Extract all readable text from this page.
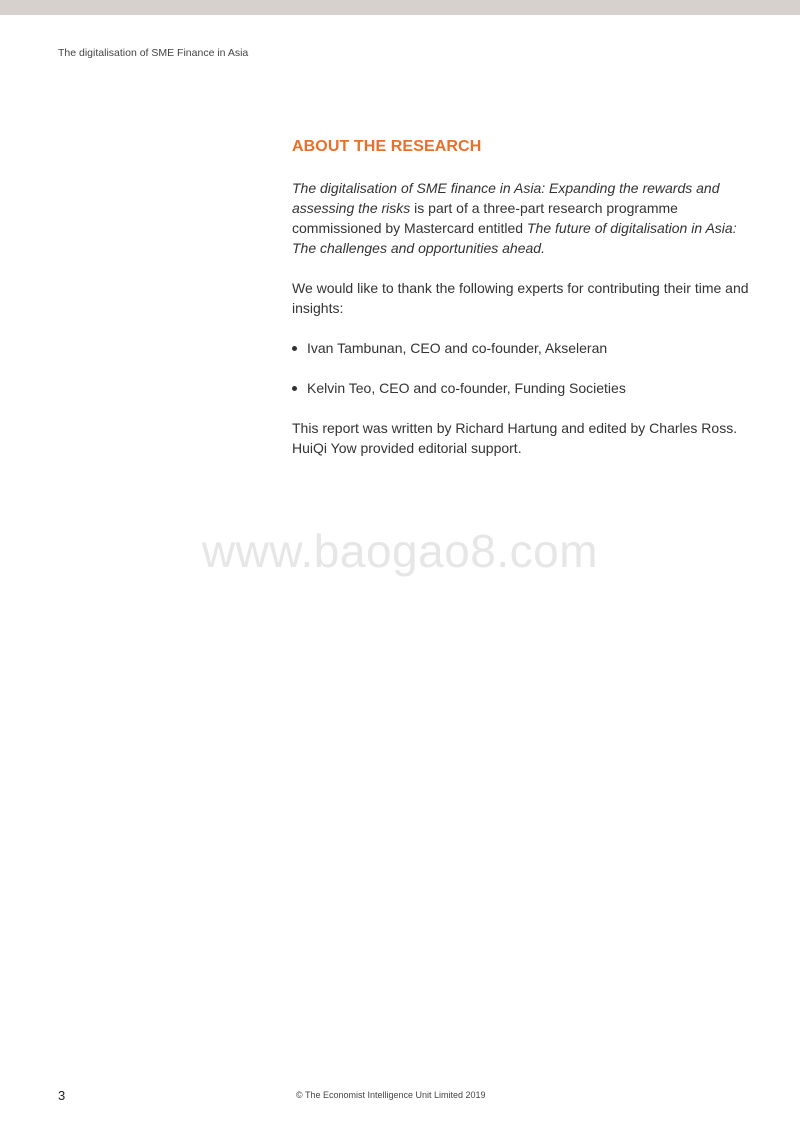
The digitalisation of SME Finance in Asia
ABOUT THE RESEARCH

The digitalisation of SME finance in Asia: Expanding the rewards and assessing the risks is part of a three-part research programme commissioned by Mastercard entitled The future of digitalisation in Asia: The challenges and opportunities ahead.

We would like to thank the following experts for contributing their time and insights:

Ivan Tambunan, CEO and co-founder, Akseleran
Kelvin Teo, CEO and co-founder, Funding Societies

This report was written by Richard Hartung and edited by Charles Ross. HuiQi Yow provided editorial support.

www.baogao8.com
3	© The Economist Intelligence Unit Limited 2019
